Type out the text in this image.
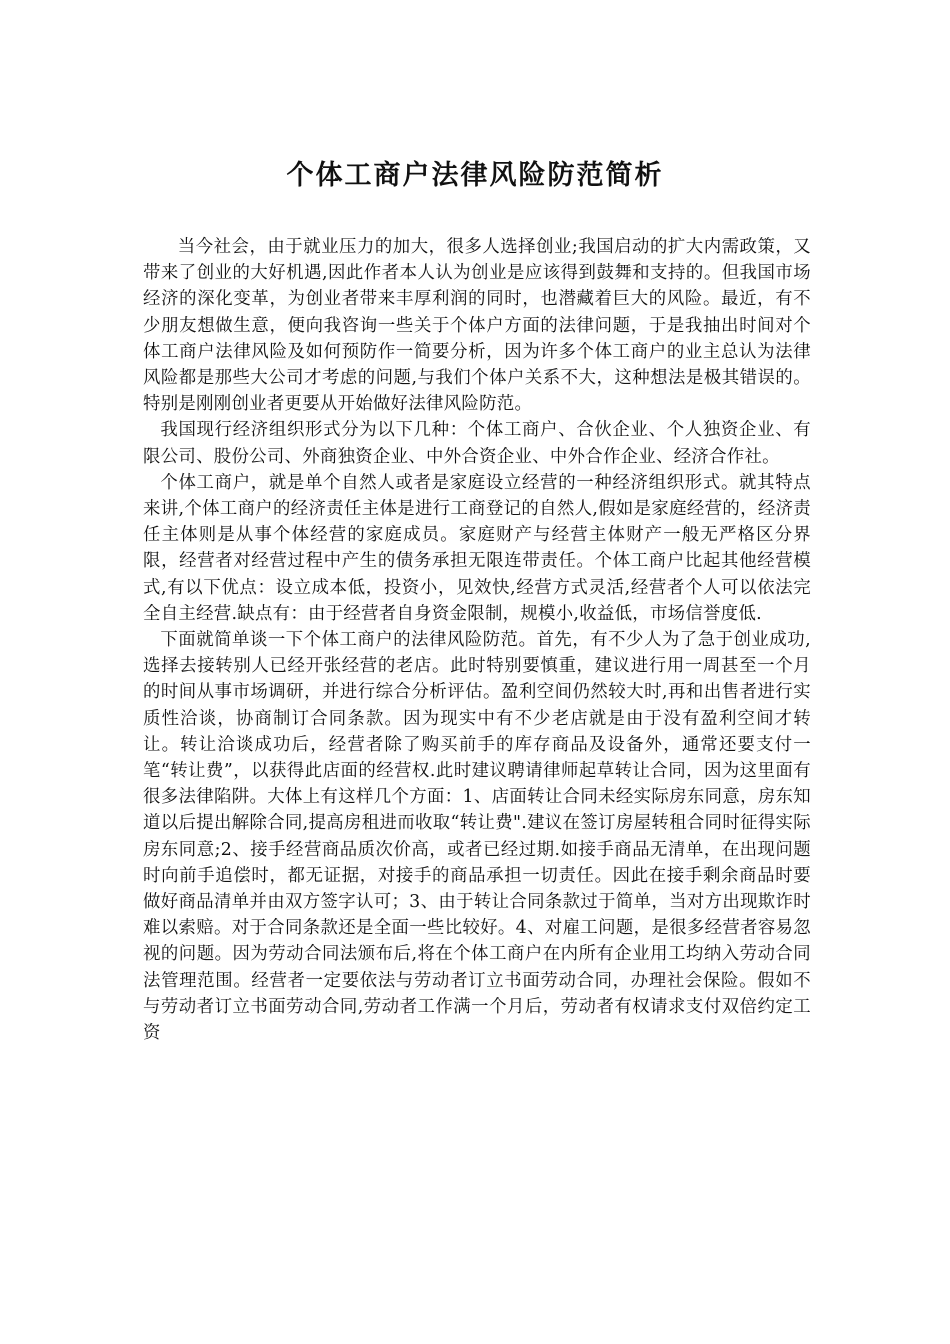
个体工商户法律风险防范简析

当今社会，由于就业压力的加大，很多人选择创业;我国启动的扩大内需政策，又带来了创业的大好机遇,因此作者本人认为创业是应该得到鼓舞和支持的。但我国市场经济的深化变革，为创业者带来丰厚利润的同时，也潜藏着巨大的风险。最近，有不少朋友想做生意，便向我咨询一些关于个体户方面的法律问题，于是我抽出时间对个体工商户法律风险及如何预防作一简要分析，因为许多个体工商户的业主总认为法律风险都是那些大公司才考虑的问题,与我们个体户关系不大，这种想法是极其错误的。特别是刚刚创业者更要从开始做好法律风险防范。

我国现行经济组织形式分为以下几种：个体工商户、合伙企业、个人独资企业、有限公司、股份公司、外商独资企业、中外合资企业、中外合作企业、经济合作社。

个体工商户，就是单个自然人或者是家庭设立经营的一种经济组织形式。就其特点来讲,个体工商户的经济责任主体是进行工商登记的自然人,假如是家庭经营的，经济责任主体则是从事个体经营的家庭成员。家庭财产与经营主体财产一般无严格区分界限，经营者对经营过程中产生的债务承担无限连带责任。个体工商户比起其他经营模式,有以下优点：设立成本低，投资小，见效快,经营方式灵活,经营者个人可以依法完全自主经营.缺点有：由于经营者自身资金限制，规模小,收益低，市场信誉度低.

下面就简单谈一下个体工商户的法律风险防范。首先，有不少人为了急于创业成功,选择去接转别人已经开张经营的老店。此时特别要慎重，建议进行用一周甚至一个月的时间从事市场调研，并进行综合分析评估。盈利空间仍然较大时,再和出售者进行实质性洽谈，协商制订合同条款。因为现实中有不少老店就是由于没有盈利空间才转让。转让洽谈成功后，经营者除了购买前手的库存商品及设备外，通常还要支付一笔“转让费”，以获得此店面的经营权.此时建议聘请律师起草转让合同，因为这里面有很多法律陷阱。大体上有这样几个方面：1、店面转让合同未经实际房东同意，房东知道以后提出解除合同,提高房租进而收取“转让费".建议在签订房屋转租合同时征得实际房东同意;2、接手经营商品质次价高，或者已经过期.如接手商品无清单，在出现问题时向前手追偿时，都无证据，对接手的商品承担一切责任。因此在接手剩余商品时要做好商品清单并由双方签字认可；3、由于转让合同条款过于简单，当对方出现欺诈时难以索赔。对于合同条款还是全面一些比较好。4、对雇工问题，是很多经营者容易忽视的问题。因为劳动合同法颁布后,将在个体工商户在内所有企业用工均纳入劳动合同法管理范围。经营者一定要依法与劳动者订立书面劳动合同，办理社会保险。假如不与劳动者订立书面劳动合同,劳动者工作满一个月后，劳动者有权请求支付双倍约定工资
